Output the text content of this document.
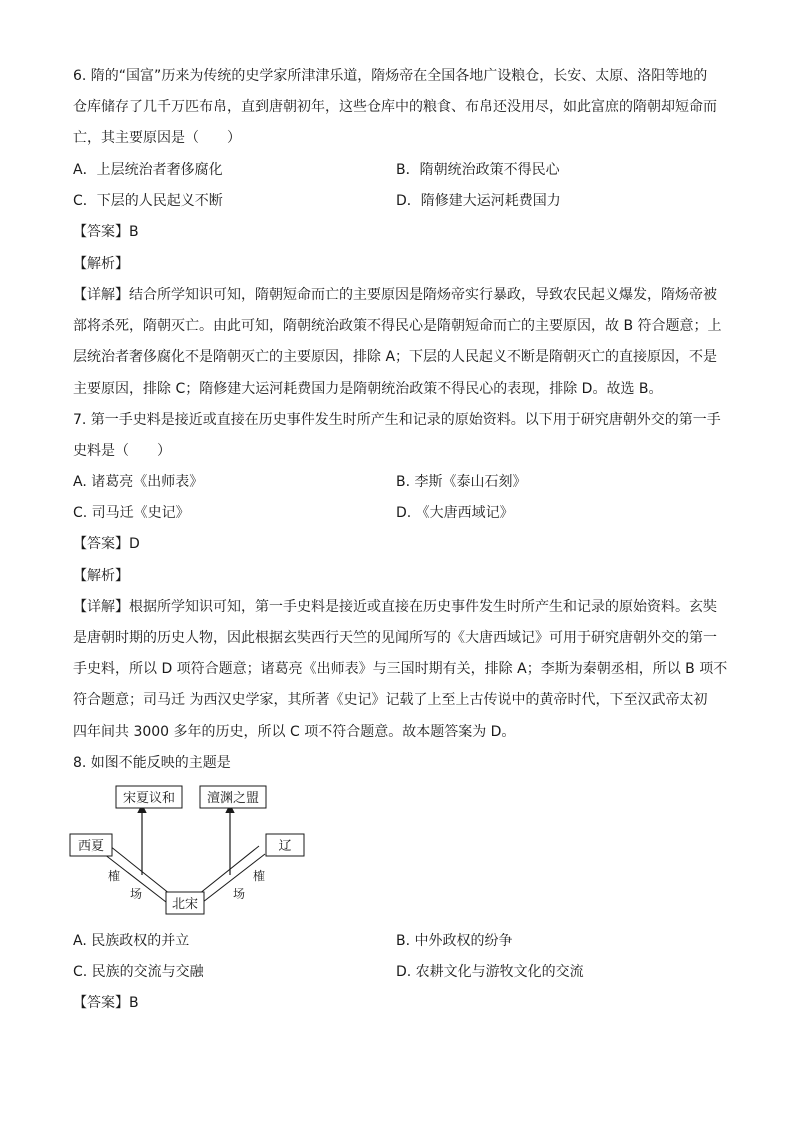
6. 隋的“国富”历来为传统的史学家所津津乐道，隋炀帝在全国各地广设粮仓，长安、太原、洛阳等地的
仓库储存了几千万匹布帛，直到唐朝初年，这些仓库中的粮食、布帛还没用尽，如此富庶的隋朝却短命而
亡，其主要原因是（　　）
A．上层统治者奢侈腐化	B．隋朝统治政策不得民心
C．下层的人民起义不断	D．隋修建大运河耗费国力
【答案】B
【解析】
【详解】结合所学知识可知，隋朝短命而亡的主要原因是隋炀帝实行暴政，导致农民起义爆发，隋炀帝被
部将杀死，隋朝灭亡。由此可知，隋朝统治政策不得民心是隋朝短命而亡的主要原因，故 B 符合题意；上
层统治者奢侈腐化不是隋朝灭亡的主要原因，排除 A；下层的人民起义不断是隋朝灭亡的直接原因，不是
主要原因，排除 C；隋修建大运河耗费国力是隋朝统治政策不得民心的表现，排除 D。故选 B。
7. 第一手史料是接近或直接在历史事件发生时所产生和记录的原始资料。以下用于研究唐朝外交的第一手
史料是（　　）
A. 诸葛亮《出师表》	B. 李斯《泰山石刻》
C. 司马迁《史记》	D. 《大唐西域记》
【答案】D
【解析】
【详解】根据所学知识可知，第一手史料是接近或直接在历史事件发生时所产生和记录的原始资料。玄奘
是唐朝时期的历史人物，因此根据玄奘西行天竺的见闻所写的《大唐西域记》可用于研究唐朝外交的第一
手史料，所以 D 项符合题意；诸葛亮《出师表》与三国时期有关，排除 A；李斯为秦朝丞相，所以 B 项不
符合题意；司马迁 为西汉史学家，其所著《史记》记载了上至上古传说中的黄帝时代，下至汉武帝太初
四年间共 3000 多年的历史，所以 C 项不符合题意。故本题答案为 D。
8. 如图不能反映的主题是
宋夏议和 澶渊之盟
西夏	辽
北宋
榷
场
榷
场
A. 民族政权的并立	B. 中外政权的纷争
C. 民族的交流与交融	D. 农耕文化与游牧文化的交流
【答案】B
